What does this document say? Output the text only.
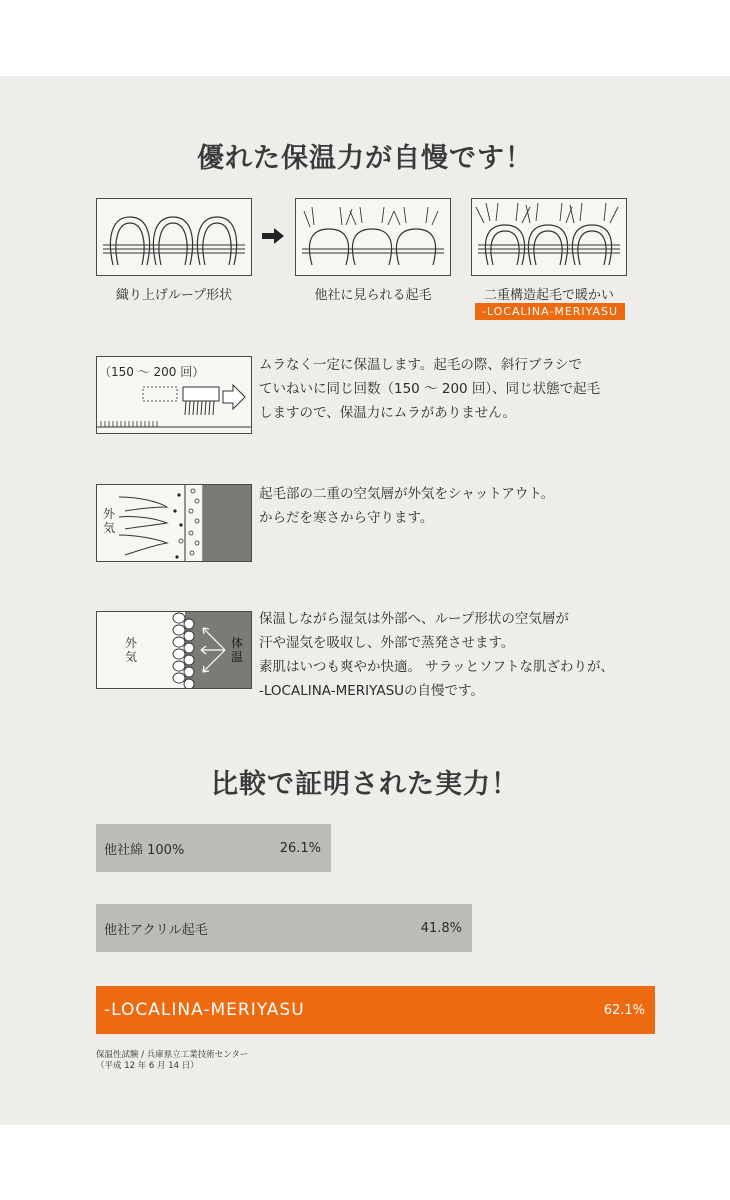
優れた保温力が自慢です！
織り上げループ形状	他社に見られる起毛	二重構造起毛で暖かい
-LOCALINA-MERIYASU
（150 ～ 200 回）	ムラなく一定に保温します。起毛の際、斜行ブラシで
ていねいに同じ回数（150 ～ 200 回）、同じ状態で起毛
しますので、保温力にムラがありません。
外
気
起毛部の二重の空気層が外気をシャットアウト。
からだを寒さから守ります。
外
気
体
温
保温しながら湿気は外部へ、ループ形状の空気層が
汗や湿気を吸収し、外部で蒸発させます。
素肌はいつも爽やか快適。 サラッとソフトな肌ざわりが、
-LOCALINA-MERIYASUの自慢です。
比較で証明された実力！
他社綿 100%	26.1%
他社アクリル起毛	41.8%
-LOCALINA-MERIYASU	62.1%
保温性試験 / 兵庫県立工業技術センター
（平成 12 年 6 月 14 日）
